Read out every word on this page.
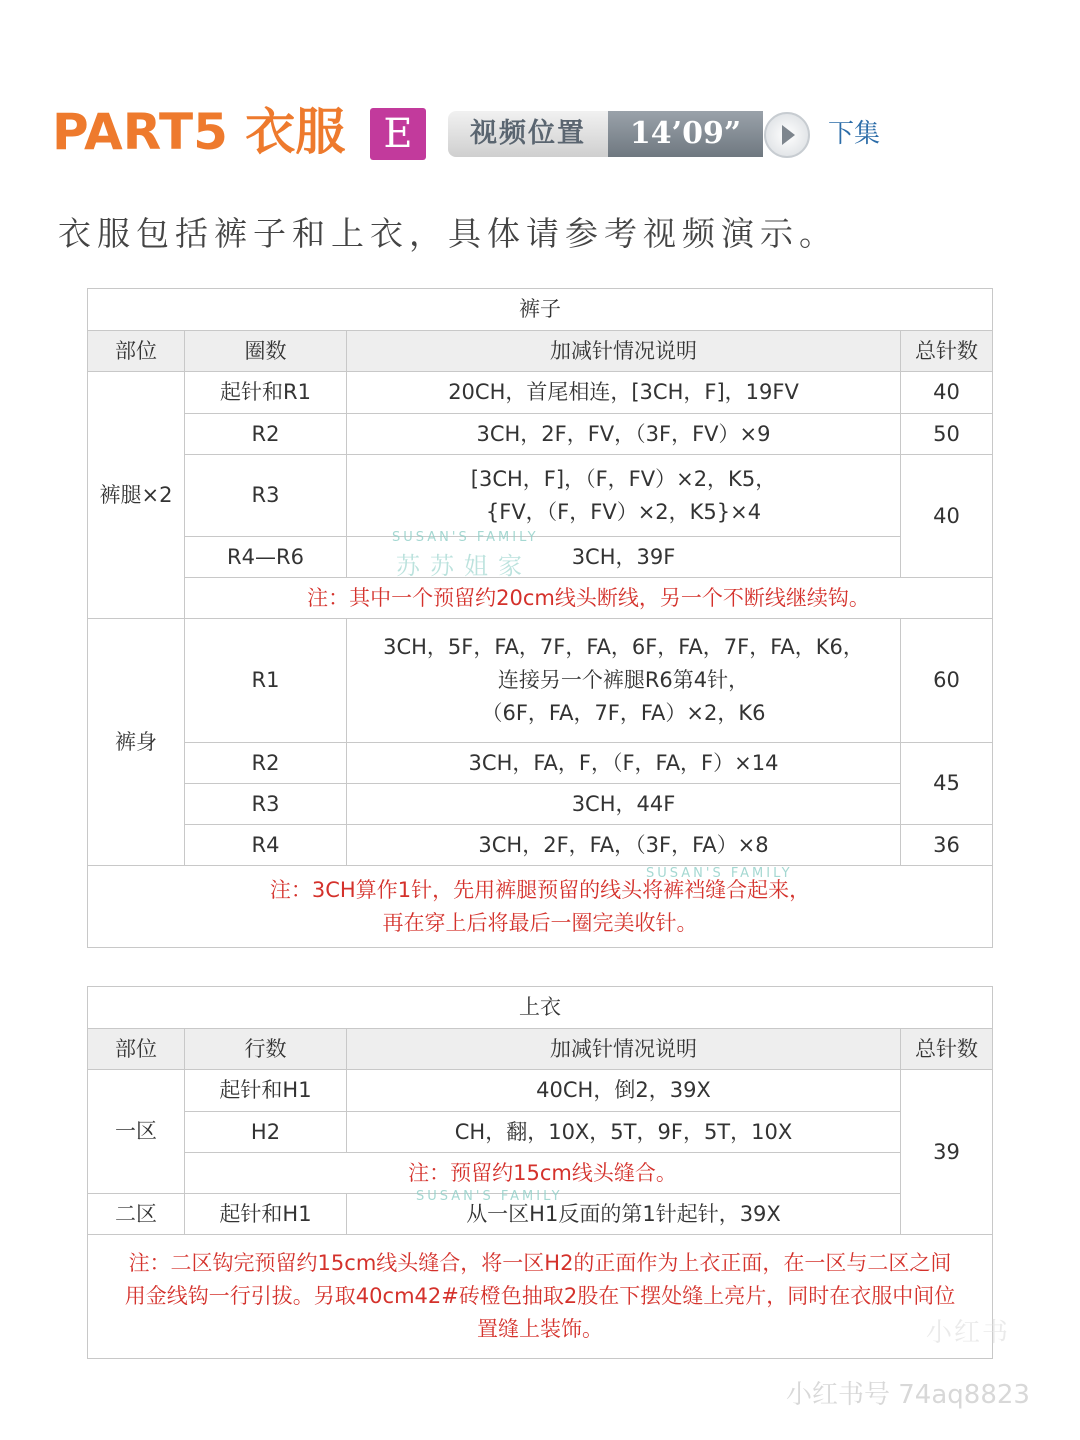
PART5 衣服 E	视频位置	14’09”	下集
衣服包括裤子和上衣，具体请参考视频演示。
裤子			
部位	圈数	加减针情况说明	总针数
裤腿×2	起针和R1	20CH，首尾相连，[3CH，F]，19FV	40
	R2	3CH，2F，FV，（3F，FV）×9	50
	R3	[3CH，F]，（F，FV）×2，K5，
{FV，（F，FV）×2，K5}×4	40
	R4—R6	3CH，39F	
	注：其中一个预留约20cm线头断线，另一个不断线继续钩。		
裤身	R1	3CH，5F，FA，7F，FA，6F，FA，7F，FA，K6，
连接另一个裤腿R6第4针，
（6F，FA，7F，FA）×2，K6	60
	R2	3CH，FA，F，（F，FA，F）×14	45
	R3	3CH，44F	
	R4	3CH，2F，FA，（3F，FA）×8	36

注：3CH算作1针，先用裤腿预留的线头将裤裆缝合起来，
再在穿上后将最后一圈完美收针。			
上衣			
部位	行数	加减针情况说明	总针数
一区	起针和H1	40CH，倒2，39X	39
	H2	CH，翻，10X，5T，9F，5T，10X	
	注：预留约15cm线头缝合。		
二区	起针和H1	从一区H1反面的第1针起针，39X	

注：二区钩完预留约15cm线头缝合，将一区H2的正面作为上衣正面，在一区与二区之间
用金线钩一行引拔。另取40cm42#砖橙色抽取2股在下摆处缝上亮片，同时在衣服中间位
置缝上装饰。			
SUSAN'S FAMILY
苏苏姐家
SUSAN'S FAMILY
SUSAN'S FAMILY
小红书
小红书号 74aq8823
